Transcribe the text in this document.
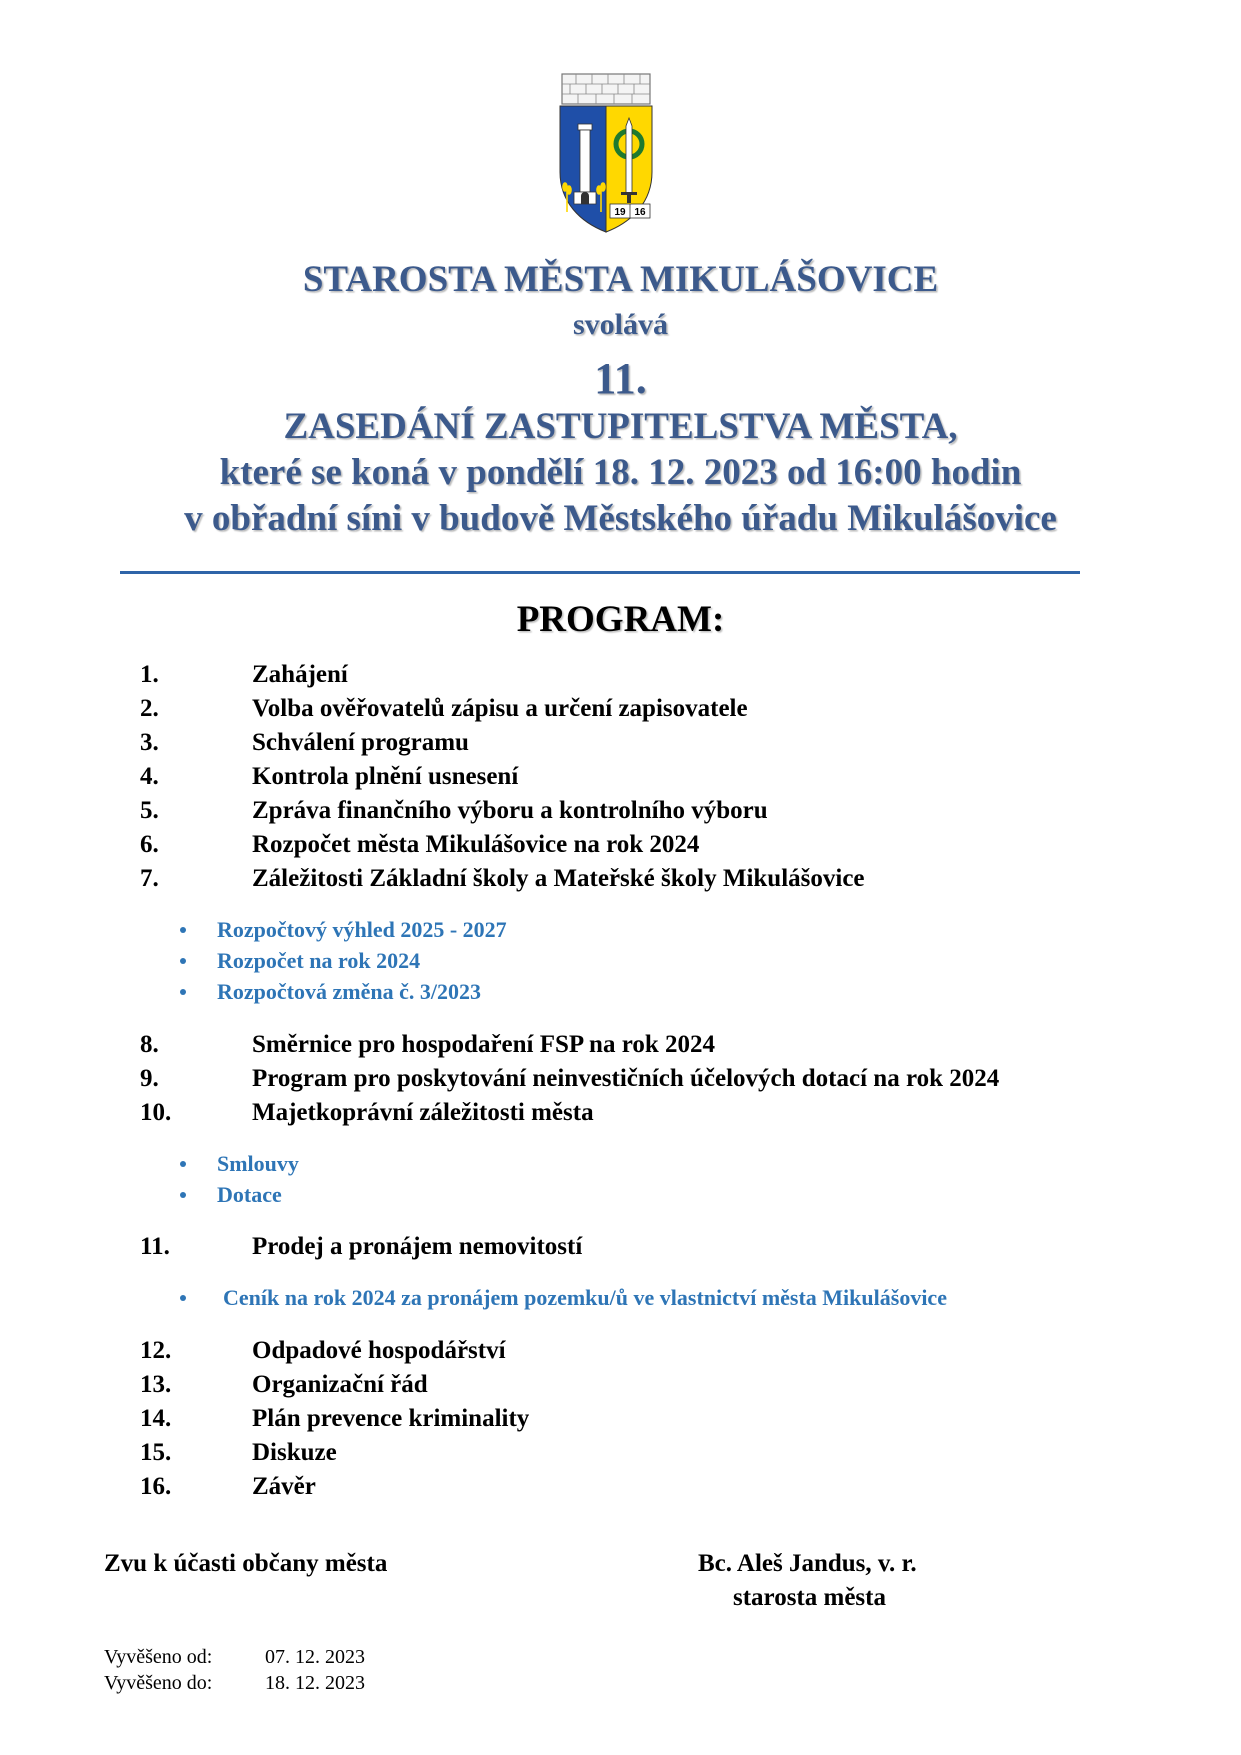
19 16
STAROSTA MĚSTA MIKULÁŠOVICE
svolává
11.
ZASEDÁNÍ ZASTUPITELSTVA MĚSTA,
které se koná v pondělí 18. 12. 2023 od 16:00 hodin
v obřadní síni v budově Městského úřadu Mikulášovice
PROGRAM:
1.	Zahájení
2.	Volba ověřovatelů zápisu a určení zapisovatele
3.	Schválení programu
4.	Kontrola plnění usnesení
5.	Zpráva finančního výboru a kontrolního výboru
6.	Rozpočet města Mikulášovice na rok 2024
7.	Záležitosti Základní školy a Mateřské školy Mikulášovice
Rozpočtový výhled 2025 - 2027
Rozpočet na rok 2024
Rozpočtová změna č. 3/2023
8.	Směrnice pro hospodaření FSP na rok 2024
9.	Program pro poskytování neinvestičních účelových dotací na rok 2024
10.	Majetkoprávní záležitosti města
Smlouvy
Dotace
11.	Prodej a pronájem nemovitostí
Ceník na rok 2024 za pronájem pozemku/ů ve vlastnictví města Mikulášovice
12.	Odpadové hospodářství
13.	Organizační řád
14.	Plán prevence kriminality
15.	Diskuze
16.	Závěr
Zvu k účasti občany města	Bc. Aleš Jandus, v. r.
starosta města
Vyvěšeno od:	07. 12. 2023
Vyvěšeno do:	18. 12. 2023
